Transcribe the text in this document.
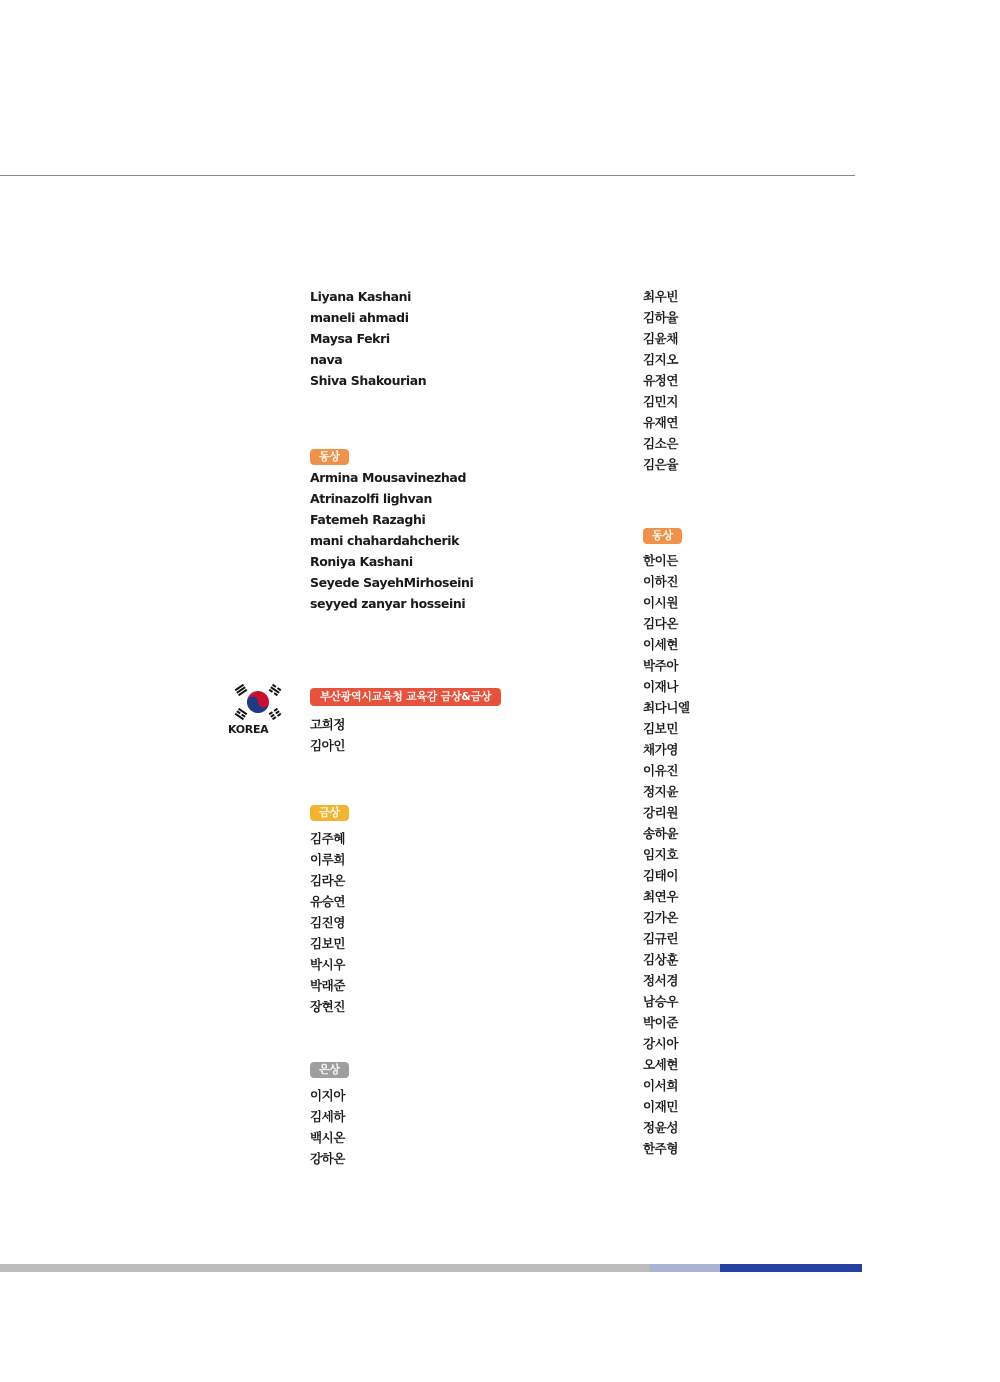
Liyana Kashani
maneli ahmadi
Maysa Fekri
nava
Shiva Shakourian
동상
Armina Mousavinezhad
Atrinazolfi lighvan
Fatemeh Razaghi
mani chahardahcherik
Roniya Kashani
Seyede SayehMirhoseini
seyyed zanyar hosseini
부산광역시교육청 교육감 금상&금상
고희정
김아인
금상
김주혜
이루희
김라온
유승연
김진영
김보민
박시우
박래준
장현진
은상
이지아
김세하
백시온
강하온
KOREA
최우빈
김하율
김윤채
김지오
유정연
김민지
유재연
김소은
김은율
동상
한이든
이하진
이시원
김다온
이세현
박주아
이재나
최다니엘
김보민
채가영
이유진
정지윤
강리원
송하윤
임지호
김태이
최연우
김가온
김규린
김상훈
정서경
남승우
박이준
강시아
오세현
이서희
이재민
정윤성
한주형
